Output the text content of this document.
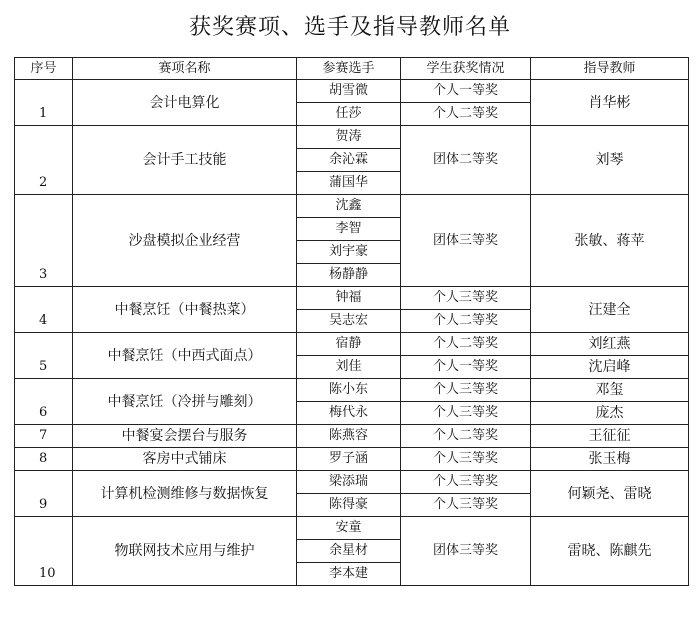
获奖赛项、选手及指导教师名单
序号	赛项名称	参赛选手	学生获奖情况	指导教师
1	会计电算化	胡雪微	个人一等奖	肖华彬
		任莎	个人二等奖	
2	会计手工技能	贺涛	团体二等奖	刘琴
		余沁霖		
		蒲国华		
3	沙盘模拟企业经营	沈鑫	团体三等奖	张敏、蒋苹
		李智		
		刘宇豪		
		杨静静		
4	中餐烹饪（中餐热菜）	钟福	个人三等奖	汪建全
		吴志宏	个人二等奖	
5	中餐烹饪（中西式面点）	宿静	个人二等奖	刘红燕
		刘佳	个人一等奖	沈启峰
6	中餐烹饪（冷拼与雕刻）	陈小东	个人三等奖	邓玺
		梅代永	个人三等奖	庞杰
7	中餐宴会摆台与服务	陈燕容	个人二等奖	王征征
8	客房中式铺床	罗子涵	个人三等奖	张玉梅
9	计算机检测维修与数据恢复	梁添瑞	个人三等奖	何颖尧、雷晓
		陈得豪	个人三等奖	
10	物联网技术应用与维护	安童	团体三等奖	雷晓、陈麒先
		余星材		
		李本建		
